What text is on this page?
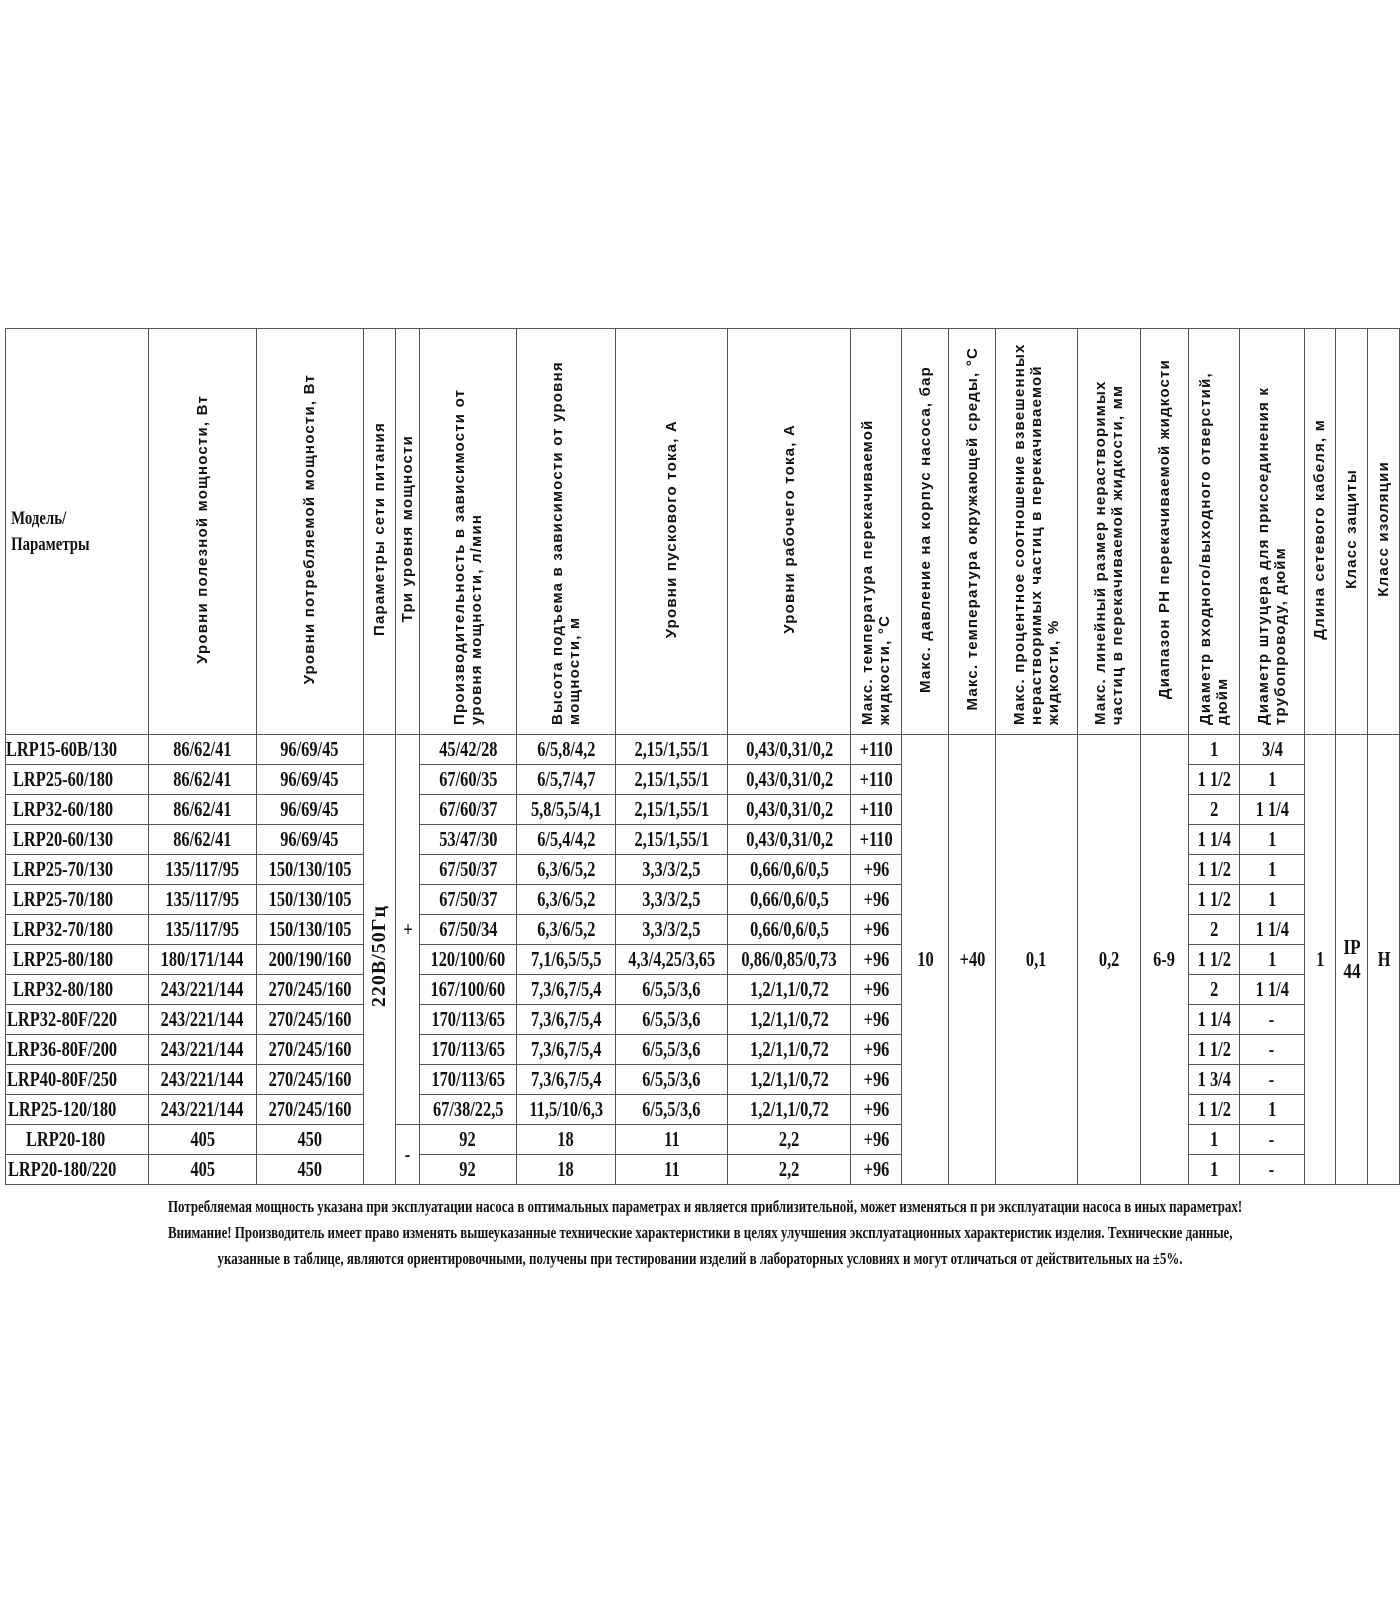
Модель/ Параметры	Уровни полезной мощности, Вт	Уровни потребляемой мощности, Вт	Параметры сети питания	Три уровня мощности	Производительность в зависимости от уровня мощности, л/мин	Высота подъема в зависимости от уровня мощности, м	Уровни пускового тока, А	Уровни рабочего тока, А	Макс. температура перекачиваемой жидкости, °С	Макс. давление на корпус насоса, бар	Макс. температура окружающей среды, °С	Макс. процентное соотношение взвешенных нерастворимых частиц в перекачиваемой жидкости, %	Макс. линейный размер нерастворимых частиц в перекачиваемой жидкости, мм	Диапазон PH перекачиваемой жидкости	Диаметр входного/выходного отверстий, дюйм	Диаметр штуцера для присоединения к трубопроводу, дюйм	Длина сетевого кабеля, м	Класс защиты	Класс изоляции
LRP15-60B/130	86/62/41	96/69/45	220В/50Гц	+	45/42/28	6/5,8/4,2	2,15/1,55/1	0,43/0,31/0,2	+110	10	+40	0,1	0,2	6-9	1	3/4	1	IP 44	H
LRP25-60/180	86/62/41	96/69/45			67/60/35	6/5,7/4,7	2,15/1,55/1	0,43/0,31/0,2	+110						1 1/2	1			
LRP32-60/180	86/62/41	96/69/45			67/60/37	5,8/5,5/4,1	2,15/1,55/1	0,43/0,31/0,2	+110						2	1 1/4			
LRP20-60/130	86/62/41	96/69/45			53/47/30	6/5,4/4,2	2,15/1,55/1	0,43/0,31/0,2	+110						1 1/4	1			
LRP25-70/130	135/117/95	150/130/105			67/50/37	6,3/6/5,2	3,3/3/2,5	0,66/0,6/0,5	+96						1 1/2	1			
LRP25-70/180	135/117/95	150/130/105			67/50/37	6,3/6/5,2	3,3/3/2,5	0,66/0,6/0,5	+96						1 1/2	1			
LRP32-70/180	135/117/95	150/130/105			67/50/34	6,3/6/5,2	3,3/3/2,5	0,66/0,6/0,5	+96						2	1 1/4			
LRP25-80/180	180/171/144	200/190/160			120/100/60	7,1/6,5/5,5	4,3/4,25/3,65	0,86/0,85/0,73	+96						1 1/2	1			
LRP32-80/180	243/221/144	270/245/160			167/100/60	7,3/6,7/5,4	6/5,5/3,6	1,2/1,1/0,72	+96						2	1 1/4			
LRP32-80F/220	243/221/144	270/245/160			170/113/65	7,3/6,7/5,4	6/5,5/3,6	1,2/1,1/0,72	+96						1 1/4	-			
LRP36-80F/200	243/221/144	270/245/160			170/113/65	7,3/6,7/5,4	6/5,5/3,6	1,2/1,1/0,72	+96						1 1/2	-			
LRP40-80F/250	243/221/144	270/245/160			170/113/65	7,3/6,7/5,4	6/5,5/3,6	1,2/1,1/0,72	+96						1 3/4	-			
LRP25-120/180	243/221/144	270/245/160			67/38/22,5	11,5/10/6,3	6/5,5/3,6	1,2/1,1/0,72	+96						1 1/2	1			
LRP20-180	405	450		-	92	18	11	2,2	+96						1	-			
LRP20-180/220	405	450			92	18	11	2,2	+96						1	-			
Потребляемая мощность указана при эксплуатации насоса в оптимальных параметрах и является приблизительной, может изменяться п ри эксплуатации насоса в иных параметрах!
Внимание! Производитель имеет право изменять вышеуказанные технические характеристики в целях улучшения эксплуатационных характеристик изделия. Технические данные,
указанные в таблице, являются ориентировочными, получены при тестировании изделий в лабораторных условиях и могут отличаться от действительных на ±5%.
